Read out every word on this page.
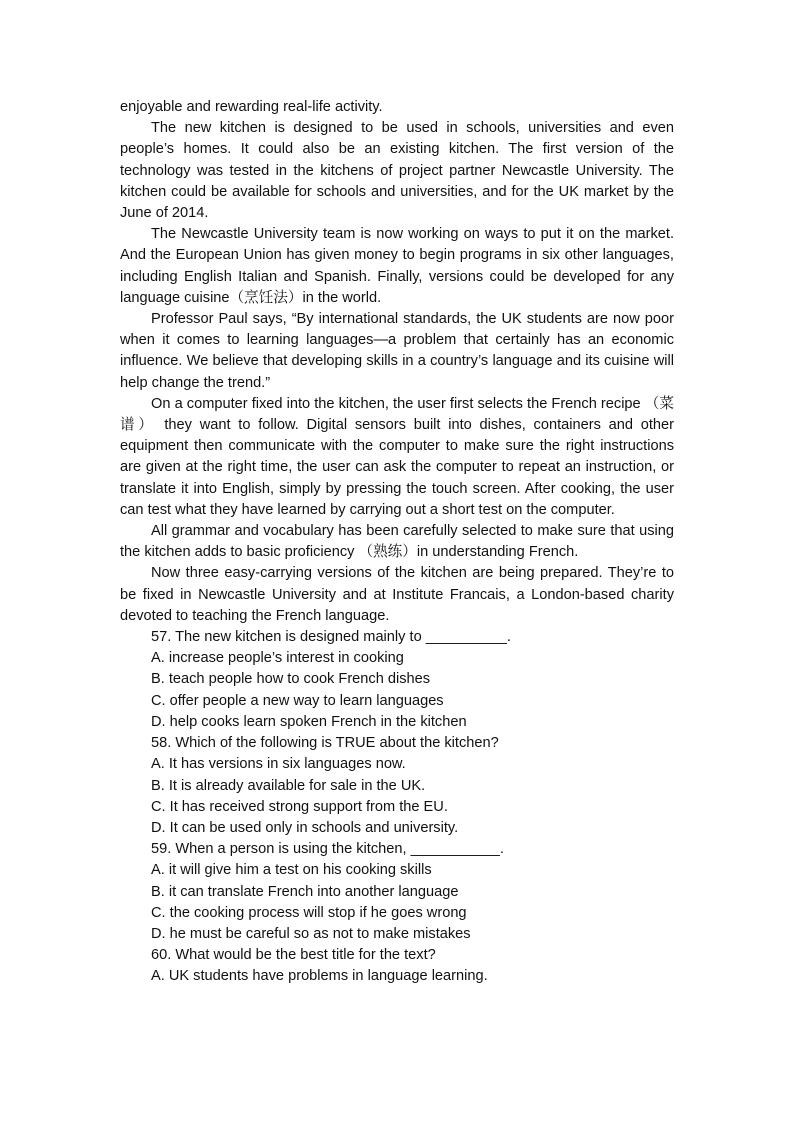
enjoyable and rewarding real-life activity.

The new kitchen is designed to be used in schools, universities and even people’s homes. It could also be an existing kitchen. The first version of the technology was tested in the kitchens of project partner Newcastle University. The kitchen could be available for schools and universities, and for the UK market by the June of 2014.

The Newcastle University team is now working on ways to put it on the market. And the European Union has given money to begin programs in six other languages, including English Italian and Spanish. Finally, versions could be developed for any language cuisine（烹饪法）in the world.

Professor Paul says, “By international standards, the UK students are now poor when it comes to learning languages—a problem that certainly has an economic influence. We believe that developing skills in a country’s language and its cuisine will help change the trend.”

On a computer fixed into the kitchen, the user first selects the French recipe （菜谱） they want to follow. Digital sensors built into dishes, containers and other equipment then communicate with the computer to make sure the right instructions are given at the right time, the user can ask the computer to repeat an instruction, or translate it into English, simply by pressing the touch screen. After cooking, the user can test what they have learned by carrying out a short test on the computer.

All grammar and vocabulary has been carefully selected to make sure that using the kitchen adds to basic proficiency （熟练）in understanding French.

Now three easy-carrying versions of the kitchen are being prepared. They’re to be fixed in Newcastle University and at Institute Francais, a London-based charity devoted to teaching the French language.

57. The new kitchen is designed mainly to __________.

A. increase people’s interest in cooking

B. teach people how to cook French dishes

C. offer people a new way to learn languages

D. help cooks learn spoken French in the kitchen

58. Which of the following is TRUE about the kitchen?

A. It has versions in six languages now.

B. It is already available for sale in the UK.

C. It has received strong support from the EU.

D. It can be used only in schools and university.

59. When a person is using the kitchen, ___________.

A. it will give him a test on his cooking skills

B. it can translate French into another language

C. the cooking process will stop if he goes wrong

D. he must be careful so as not to make mistakes

60. What would be the best title for the text?

A. UK students have problems in language learning.
